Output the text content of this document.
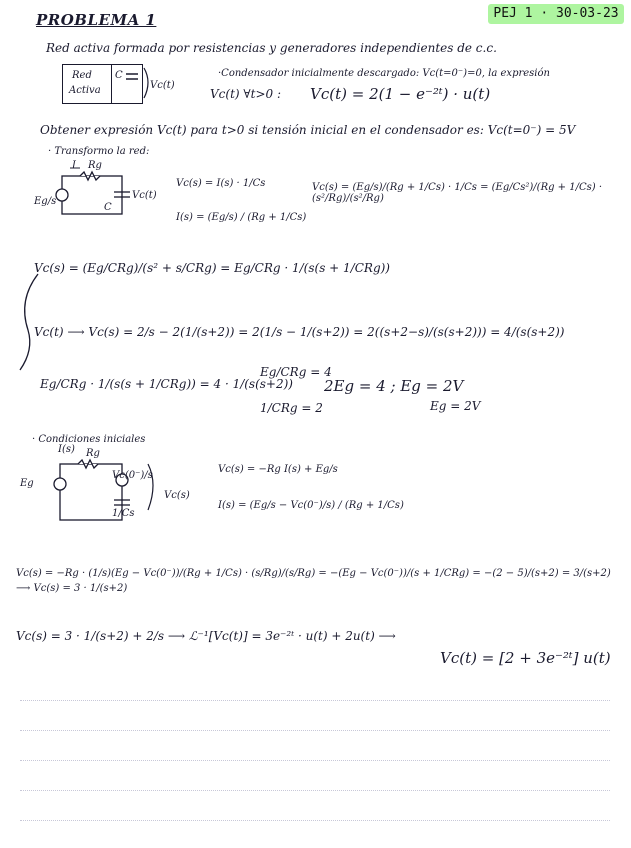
PROBLEMA 1	PEJ 1 · 30-03-23
Red activa formada por resistencias y generadores independientes de c.c.
Red
Activa
C
Vc(t)
·Condensador inicialmente descargado: Vc(t=0⁻)=0, la expresión
Vc(t) ∀t>0 : Vc(t) = 2(1 − e⁻²ᵗ) · u(t)
Obtener expresión Vc(t) para t>0 si tensión inicial en el condensador es: Vc(t=0⁻) = 5V
· Transformo la red:
I Rg
Eg/s
C
Vc(t)
Vc(s) = I(s) · 1/Cs
I(s) = (Eg/s) / (Rg + 1/Cs)
Vc(s) = (Eg/s)/(Rg + 1/Cs) · 1/Cs = (Eg/Cs²)/(Rg + 1/Cs) · (s²/Rg)/(s²/Rg)
Vc(s) = (Eg/CRg)/(s² + s/CRg) = Eg/CRg · 1/(s(s + 1/CRg))
Vc(t) ⟶ Vc(s) = 2/s − 2(1/(s+2)) = 2(1/s − 1/(s+2)) = 2((s+2−s)/(s(s+2))) = 4/(s(s+2))
Eg/CRg · 1/(s(s + 1/CRg)) = 4 · 1/(s(s+2))
Eg/CRg = 4
1/CRg = 2
2Eg = 4 ; Eg = 2V
Eg = 2V
· Condiciones iniciales
I(s) Rg
Eg
Vc(0⁻)/s
1/Cs
Vc(s)
Vc(s) = −Rg I(s) + Eg/s
I(s) = (Eg/s − Vc(0⁻)/s) / (Rg + 1/Cs)
Vc(s) = −Rg · (1/s)(Eg − Vc(0⁻))/(Rg + 1/Cs) · (s/Rg)/(s/Rg) = −(Eg − Vc(0⁻))/(s + 1/CRg) = −(2 − 5)/(s+2) = 3/(s+2) ⟶ Vc(s) = 3 · 1/(s+2)
Vc(s) = 3 · 1/(s+2) + 2/s ⟶ ℒ⁻¹[Vc(t)] = 3e⁻²ᵗ · u(t) + 2u(t) ⟶
Vc(t) = [2 + 3e⁻²ᵗ] u(t)
